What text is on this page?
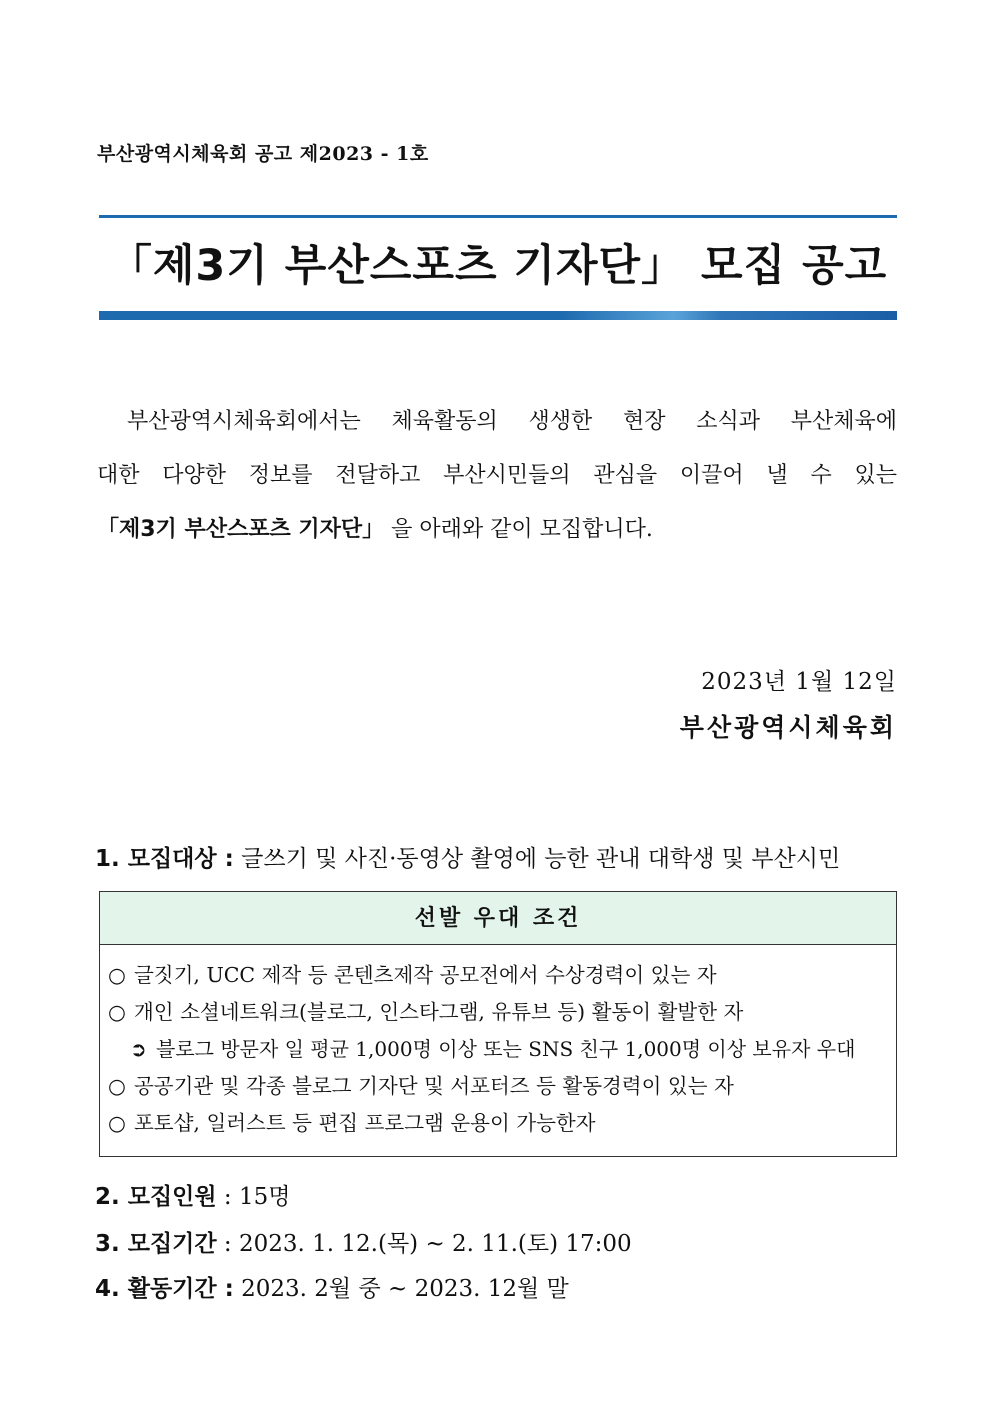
부산광역시체육회 공고 제2023 - 1호
「제3기 부산스포츠 기자단」 모집 공고
부산광역시체육회에서는 체육활동의 생생한 현장 소식과 부산체육에
대한 다양한 정보를 전달하고 부산시민들의 관심을 이끌어 낼 수 있는
「제3기 부산스포츠 기자단」 을 아래와 같이 모집합니다.
2023년 1월 12일
부산광역시체육회
1. 모집대상 : 글쓰기 및 사진·동영상 촬영에 능한 관내 대학생 및 부산시민
선발 우대 조건
○ 글짓기, UCC 제작 등 콘텐츠제작 공모전에서 수상경력이 있는 자
○ 개인 소셜네트워크(블로그, 인스타그램, 유튜브 등) 활동이 활발한 자
➲ 블로그 방문자 일 평균 1,000명 이상 또는 SNS 친구 1,000명 이상 보유자 우대
○ 공공기관 및 각종 블로그 기자단 및 서포터즈 등 활동경력이 있는 자
○ 포토샵, 일러스트 등 편집 프로그램 운용이 가능한자
2. 모집인원 : 15명
3. 모집기간 : 2023. 1. 12.(목) ~ 2. 11.(토) 17:00
4. 활동기간 : 2023. 2월 중 ~ 2023. 12월 말
